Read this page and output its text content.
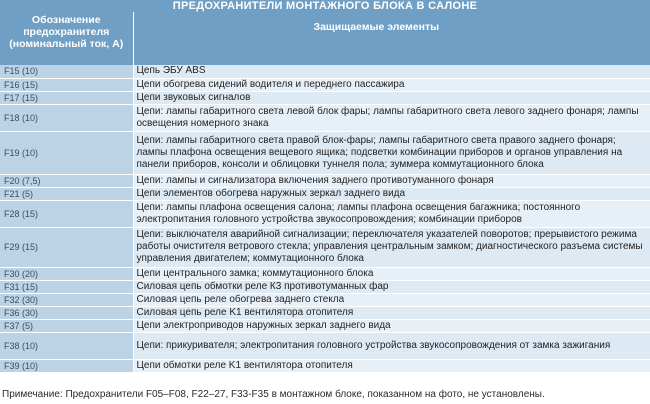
ПРЕДОХРАНИТЕЛИ МОНТАЖНОГО БЛОКА В САЛОНЕ	
Обозначение предохранителя (номинальный ток, А)	Защищаемые элементы
F15 (10)	Цепь ЭБУ ABS
F16 (15)	Цепи обогрева сидений водителя и переднего пассажира
F17 (15)	Цепи звуковых сигналов
F18 (10)	Цепи: лампы габаритного света левой блок фары; лампы габаритного света левого заднего фонаря; лампы освещения номерного знака
F19 (10)	Цепи: лампы габаритного света правой блок-фары; лампы габаритного света правого заднего фонаря; лампы плафона освещения вещевого ящика; подсветки комбинации приборов и органов управления на панели приборов, консоли и облицовки туннеля пола; зуммера коммутационного блока
F20 (7,5)	Цепи: лампы и сигнализатора включения заднего противотуманного фонаря
F21 (5)	Цепи элементов обогрева наружных зеркал заднего вида
F28 (15)	Цепи: лампы плафона освещения салона; лампы плафона освещения багажника; постоянного электропитания головного устройства звукосопровождения; комбинации приборов
F29 (15)	Цепи: выключателя аварийной сигнализации; переключателя указателей поворотов; прерывистого режима работы очистителя ветрового стекла; управления центральным замком; диагностического разъема системы управления двигателем; коммутационного блока
F30 (20)	Цепи центрального замка; коммутационного блока
F31 (15)	Силовая цепь обмотки реле К3 противотуманных фар
F32 (30)	Силовая цепь реле обогрева заднего стекла
F36 (30)	Силовая цепь реле K1 вентилятора отопителя
F37 (5)	Цепи электроприводов наружных зеркал заднего вида
F38 (10)	Цепи: прикуривателя; электропитания головного устройства звукосопровождения от замка зажигания
F39 (10)	Цепи обмотки реле K1 вентилятора отопителя
Примечание: Предохранители F05–F08, F22–27, F33-F35 в монтажном блоке, показанном на фото, не установлены.
